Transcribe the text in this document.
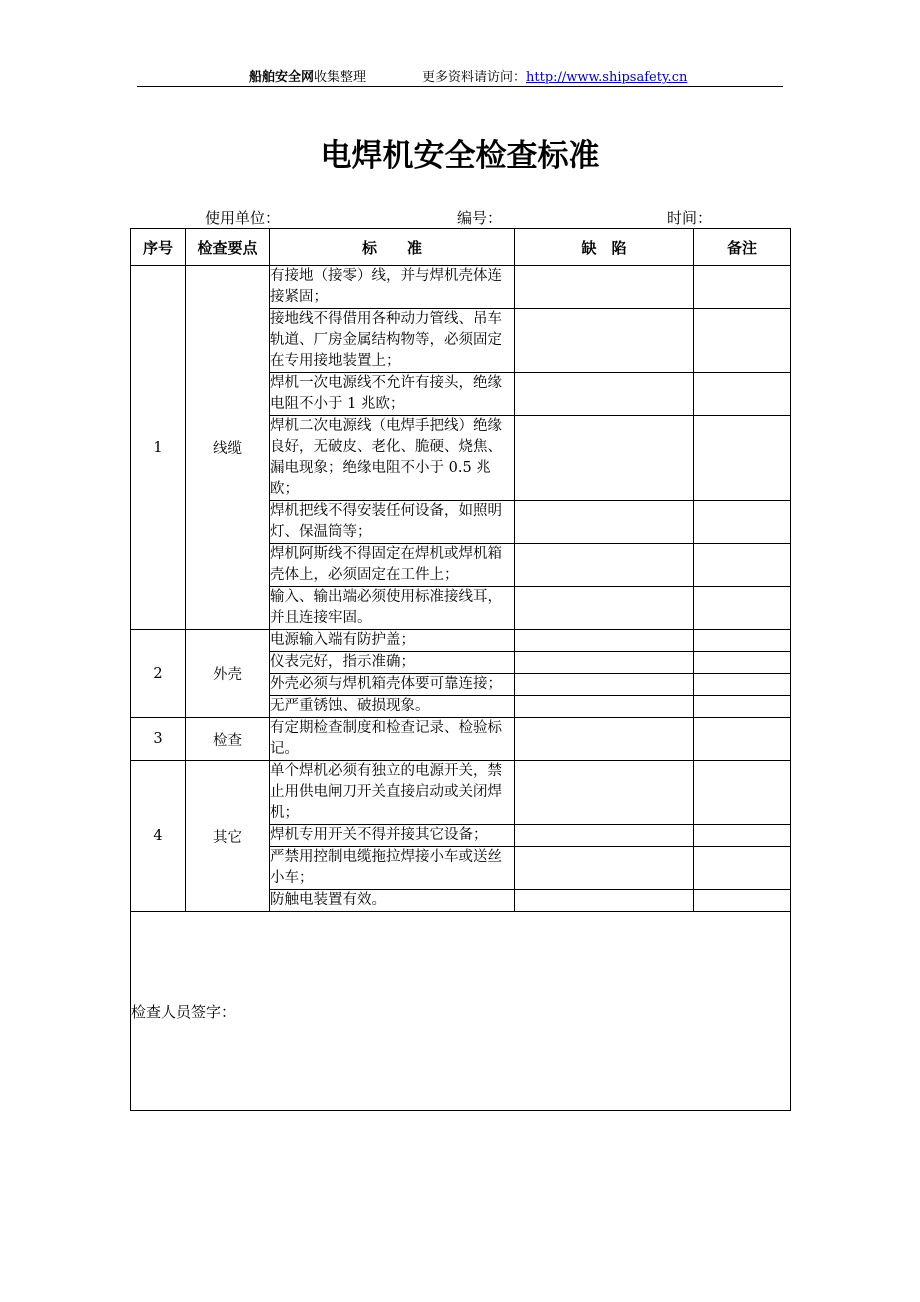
船舶安全网收集整理	更多资料请访问：http://www.shipsafety.cn
电焊机安全检查标准
使用单位：	编号：	时间：
序号	检查要点	标　　准	缺　陷	备注
1	线缆	有接地（接零）线，并与焊机壳体连接紧固；		
		接地线不得借用各种动力管线、吊车轨道、厂房金属结构物等，必须固定在专用接地装置上；		
		焊机一次电源线不允许有接头，绝缘电阻不小于 1 兆欧；		
		焊机二次电源线（电焊手把线）绝缘良好，无破皮、老化、脆硬、烧焦、漏电现象；绝缘电阻不小于 0.5 兆欧；		
		焊机把线不得安装任何设备，如照明灯、保温筒等；		
		焊机阿斯线不得固定在焊机或焊机箱壳体上，必须固定在工件上；		
		输入、输出端必须使用标准接线耳，并且连接牢固。		
2	外壳	电源输入端有防护盖；		
		仪表完好，指示准确；		
		外壳必须与焊机箱壳体要可靠连接；		
		无严重锈蚀、破损现象。		
3	检查	有定期检查制度和检查记录、检验标记。		
4	其它	单个焊机必须有独立的电源开关，禁止用供电闸刀开关直接启动或关闭焊机；		
		焊机专用开关不得并接其它设备；		
		严禁用控制电缆拖拉焊接小车或送丝小车；		
		防触电装置有效。		
检查人员签字：				
